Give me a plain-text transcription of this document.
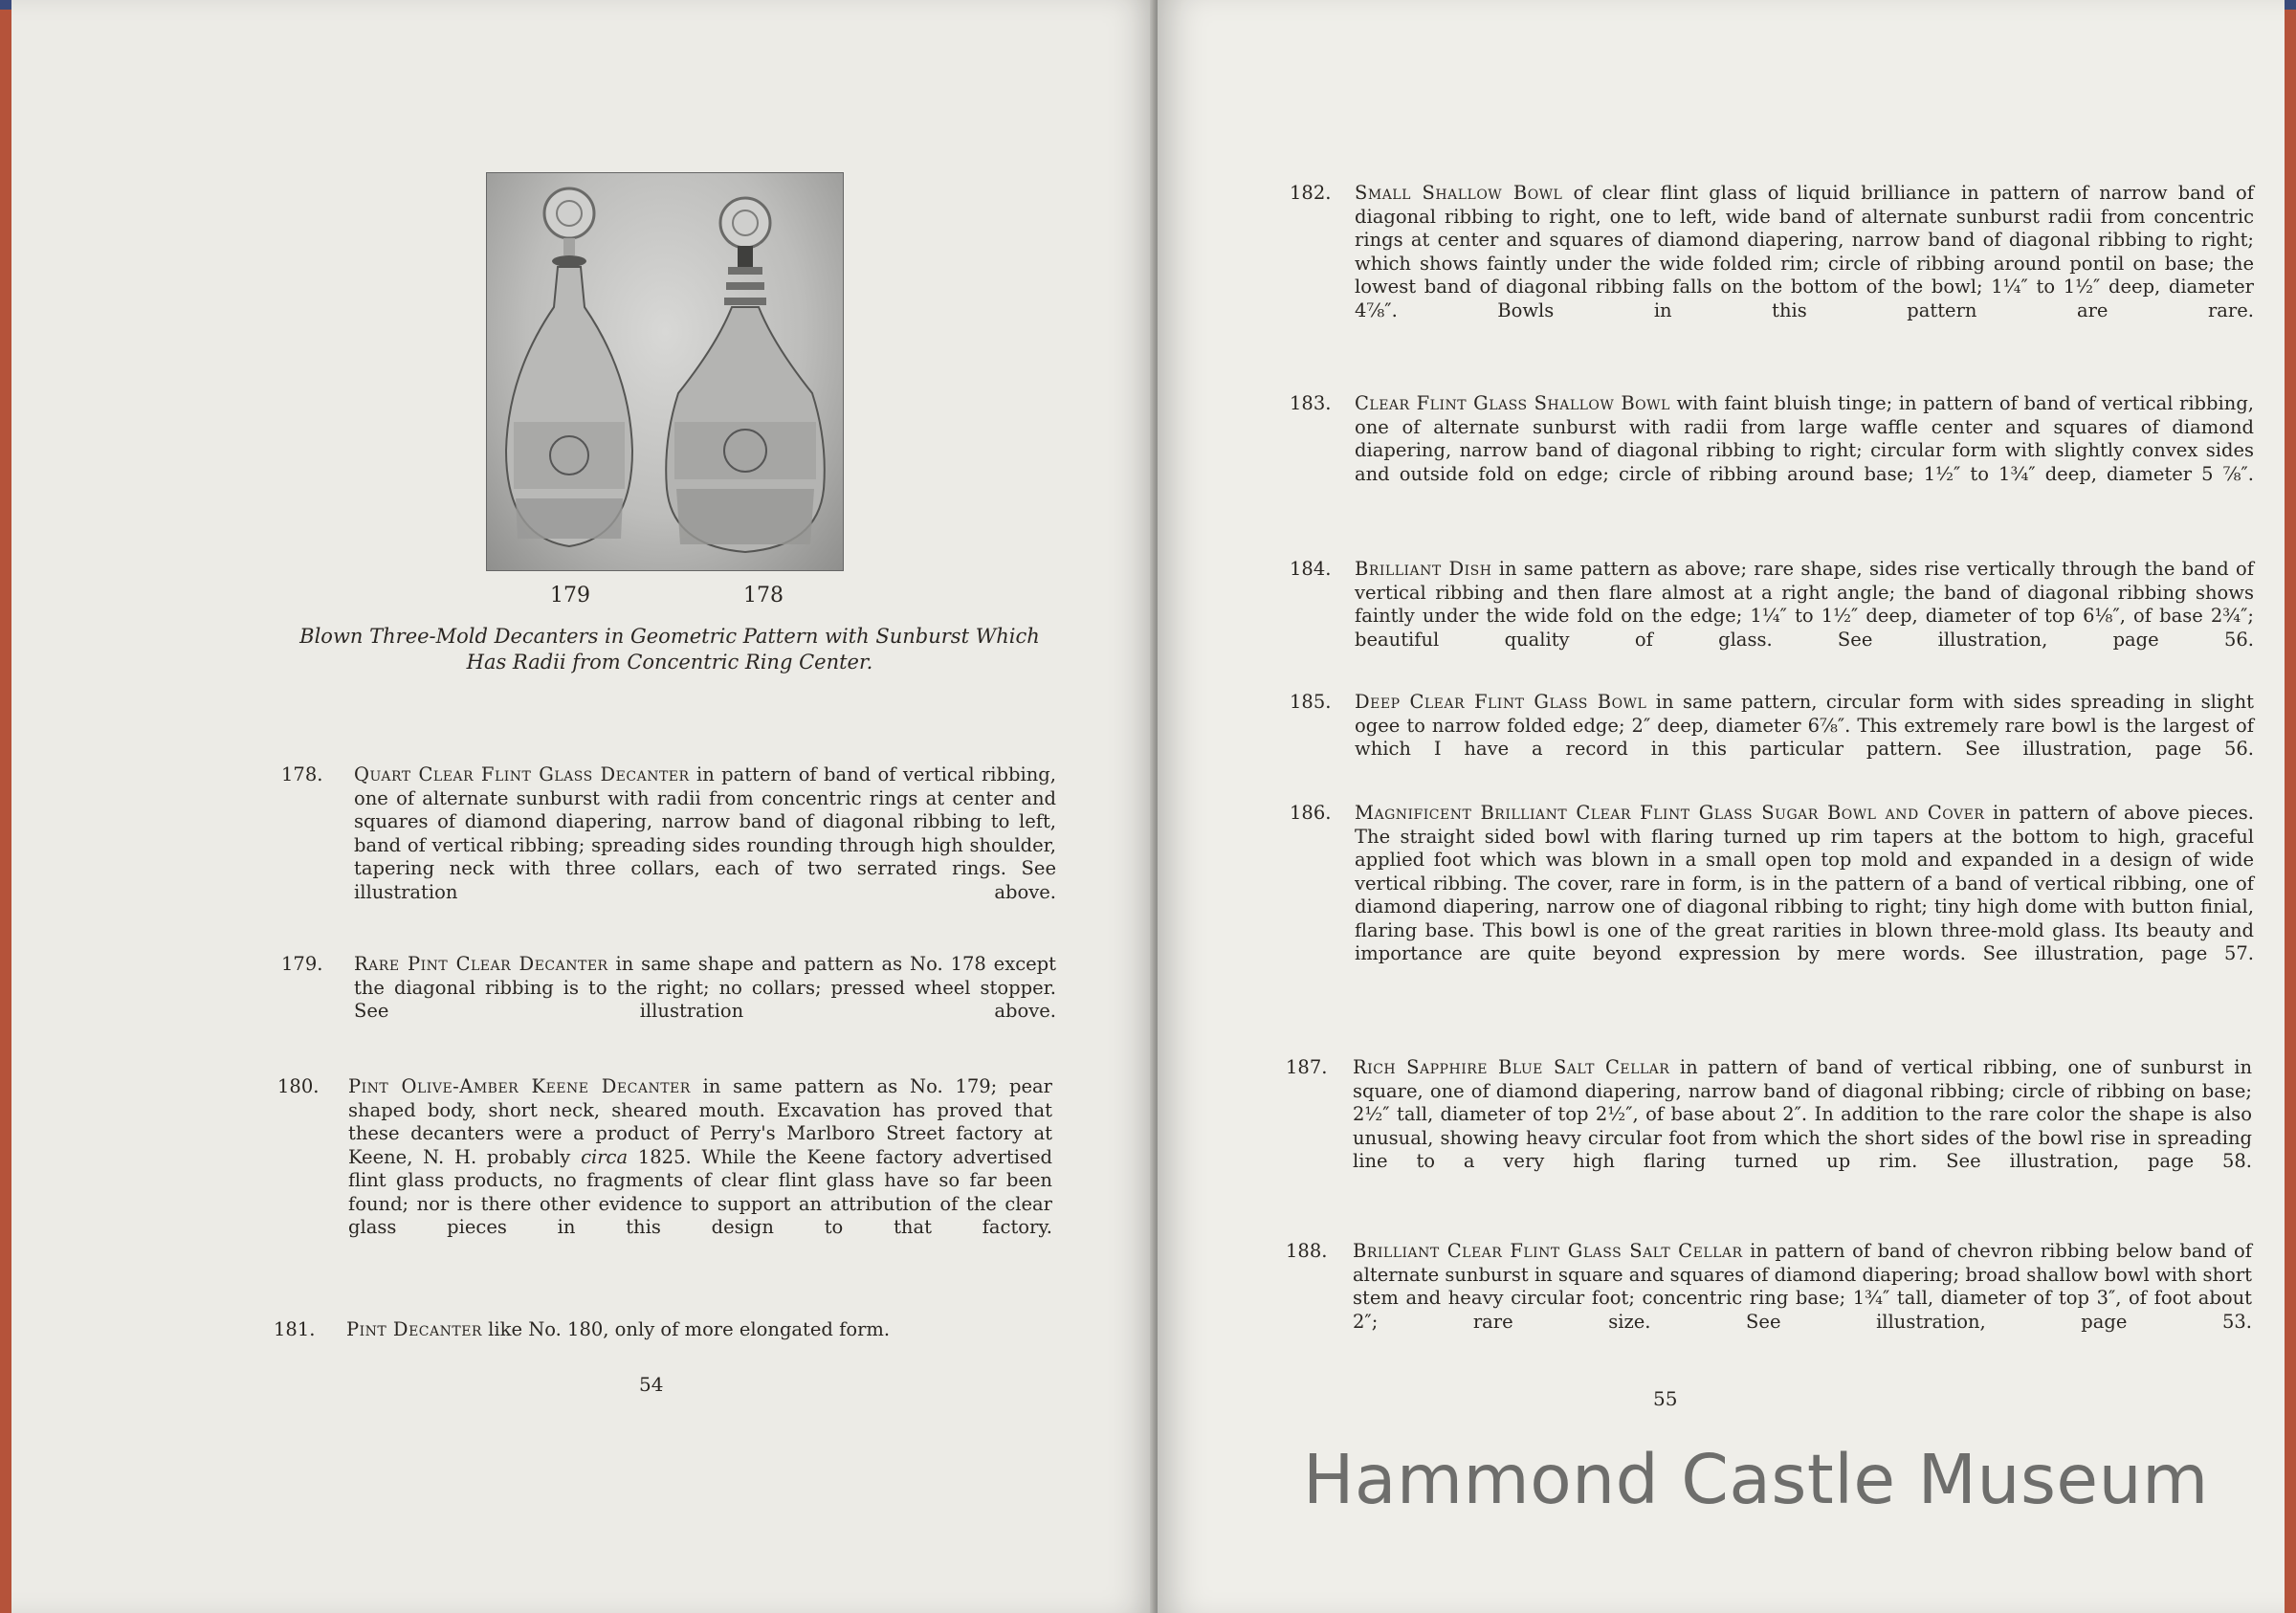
179	178
Blown Three-Mold Decanters in Geometric Pattern with Sunburst Which
Has Radii from Concentric Ring Center.
178. Quart Clear Flint Glass Decanter in pattern of band of vertical ribbing, one of alternate sunburst with radii from concentric rings at center and squares of diamond diapering, narrow band of diagonal ribbing to left, band of vertical ribbing; spreading sides rounding through high shoulder, tapering neck with three collars, each of two serrated rings. See illustration above.
179. Rare Pint Clear Decanter in same shape and pattern as No. 178 except the diagonal ribbing is to the right; no collars; pressed wheel stopper. See illustration above.
180. Pint Olive-Amber Keene Decanter in same pattern as No. 179; pear shaped body, short neck, sheared mouth. Excavation has proved that these decanters were a product of Perry's Marlboro Street factory at Keene, N. H. probably circa 1825. While the Keene factory advertised flint glass products, no fragments of clear flint glass have so far been found; nor is there other evidence to support an attribution of the clear glass pieces in this design to that factory.
181. Pint Decanter like No. 180, only of more elongated form.
54
182. Small Shallow Bowl of clear flint glass of liquid brilliance in pattern of narrow band of diagonal ribbing to right, one to left, wide band of alternate sunburst radii from concentric rings at center and squares of diamond diapering, narrow band of diagonal ribbing to right; which shows faintly under the wide folded rim; circle of ribbing around pontil on base; the lowest band of diagonal ribbing falls on the bottom of the bowl; 1¼″ to 1½″ deep, diameter 4⅞″. Bowls in this pattern are rare.
183. Clear Flint Glass Shallow Bowl with faint bluish tinge; in pattern of band of vertical ribbing, one of alternate sunburst with radii from large waffle center and squares of diamond diapering, narrow band of diagonal ribbing to right; circular form with slightly convex sides and outside fold on edge; circle of ribbing around base; 1½″ to 1¾″ deep, diameter 5 ⅞″.
184. Brilliant Dish in same pattern as above; rare shape, sides rise vertically through the band of vertical ribbing and then flare almost at a right angle; the band of diagonal ribbing shows faintly under the wide fold on the edge; 1¼″ to 1½″ deep, diameter of top 6⅛″, of base 2¾″; beautiful quality of glass. See illustration, page 56.
185. Deep Clear Flint Glass Bowl in same pattern, circular form with sides spreading in slight ogee to narrow folded edge; 2″ deep, diameter 6⅞″. This extremely rare bowl is the largest of which I have a record in this particular pattern. See illustration, page 56.
186. Magnificent Brilliant Clear Flint Glass Sugar Bowl and Cover in pattern of above pieces. The straight sided bowl with flaring turned up rim tapers at the bottom to high, graceful applied foot which was blown in a small open top mold and expanded in a design of wide vertical ribbing. The cover, rare in form, is in the pattern of a band of vertical ribbing, one of diamond diapering, narrow one of diagonal ribbing to right; tiny high dome with button finial, flaring base. This bowl is one of the great rarities in blown three-mold glass. Its beauty and importance are quite beyond expression by mere words. See illustration, page 57.
187. Rich Sapphire Blue Salt Cellar in pattern of band of vertical ribbing, one of sunburst in square, one of diamond diapering, narrow band of diagonal ribbing; circle of ribbing on base; 2½″ tall, diameter of top 2½″, of base about 2″. In addition to the rare color the shape is also unusual, showing heavy circular foot from which the short sides of the bowl rise in spreading line to a very high flaring turned up rim. See illustration, page 58.
188. Brilliant Clear Flint Glass Salt Cellar in pattern of band of chevron ribbing below band of alternate sunburst in square and squares of diamond diapering; broad shallow bowl with short stem and heavy circular foot; concentric ring base; 1¾″ tall, diameter of top 3″, of foot about 2″; rare size. See illustration, page 53.
55
Hammond Castle Museum
